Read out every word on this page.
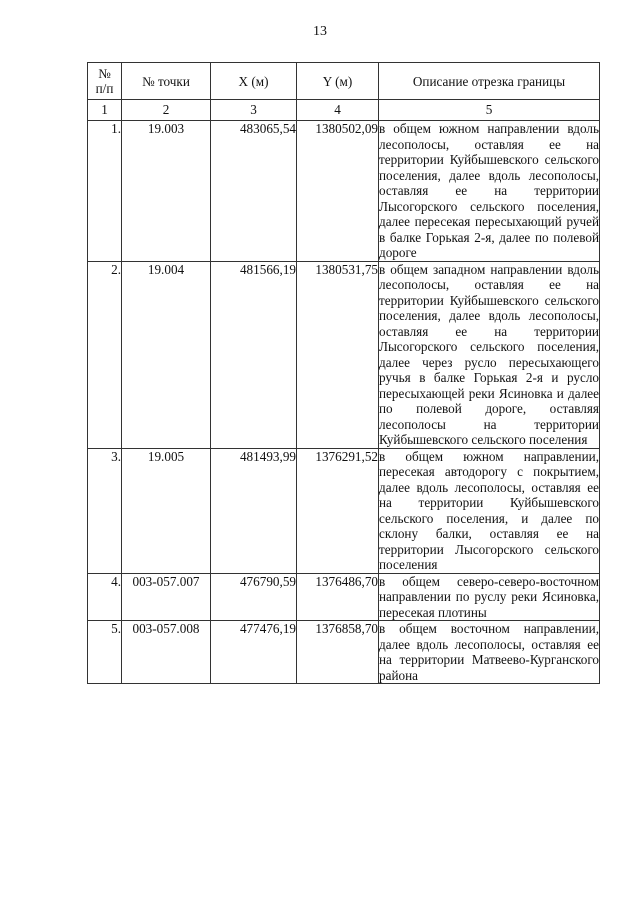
13
№
п/п	№ точки	X (м)	Y (м)	Описание отрезка границы
1	2	3	4	5
1.	19.003	483065,54	1380502,09	в общем южном направлении вдоль лесополосы, оставляя ее на территории Куйбышевского сельского поселения, далее вдоль лесополосы, оставляя ее на территории Лысогорского сельского поселения, далее пересекая пересыхающий ручей в балке Горькая 2-я, далее по полевой дороге
2.	19.004	481566,19	1380531,75	в общем западном направлении вдоль лесополосы, оставляя ее на территории Куйбышевского сельского поселения, далее вдоль лесополосы, оставляя ее на территории Лысогорского сельского поселения, далее через русло пересыхающего ручья в балке Горькая 2-я и русло пересыхающей реки Ясиновка и далее по полевой дороге, оставляя лесополосы на территории Куйбышевского сельского поселения
3.	19.005	481493,99	1376291,52	в общем южном направлении, пересекая автодорогу с покрытием, далее вдоль лесополосы, оставляя ее на территории Куйбышевского сельского поселения, и далее по склону балки, оставляя ее на территории Лысогорского сельского поселения
4.	003-057.007	476790,59	1376486,70	в общем северо-северо-восточном направлении по руслу реки Ясиновка, пересекая плотины
5.	003-057.008	477476,19	1376858,70	в общем восточном направлении, далее вдоль лесополосы, оставляя ее на территории Матвеево-Курганского района
